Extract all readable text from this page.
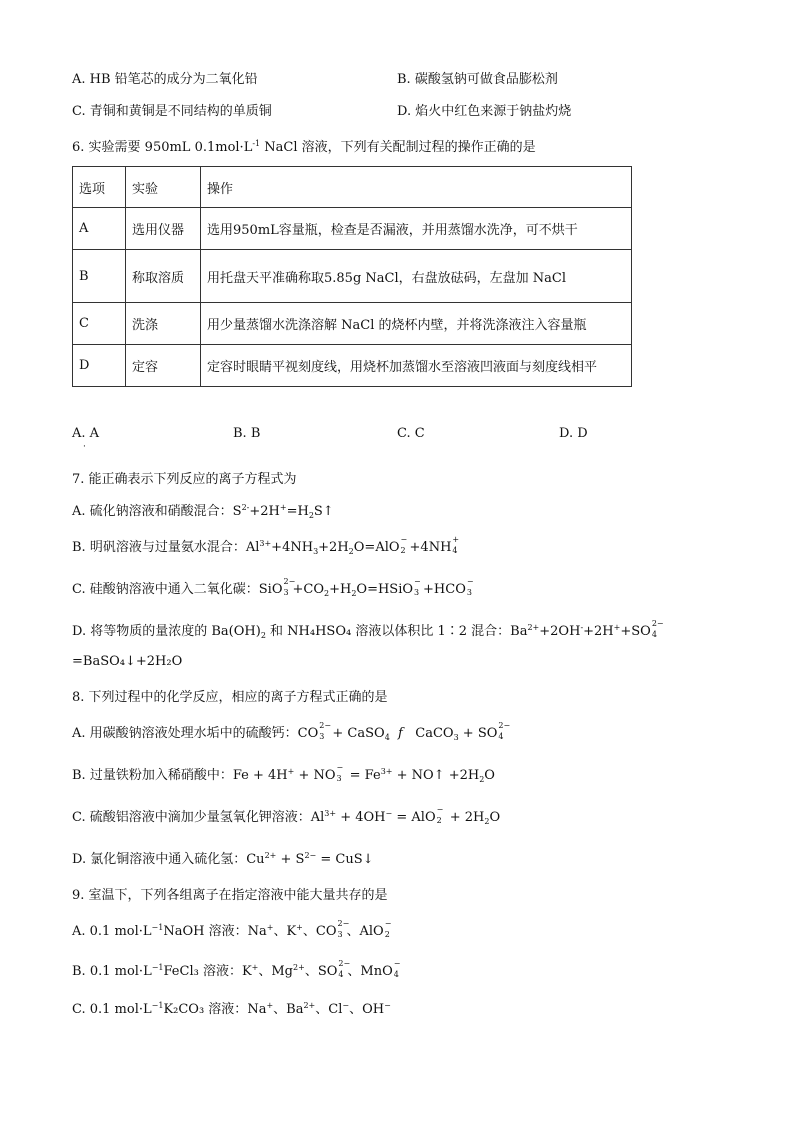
A. HB 铅笔芯的成分为二氧化铅	B. 碳酸氢钠可做食品膨松剂
C. 青铜和黄铜是不同结构的单质铜	D. 焰火中红色来源于钠盐灼烧
6. 实验需要 950mL $0.1mol\cdot L^{-1}$ NaCl 溶液，下列有关配制过程的操作正确的是
选项	实验	操作
A	选用仪器	选用950mL容量瓶，检查是否漏液，并用蒸馏水洗净，可不烘干
B	称取溶质	用托盘天平准确称取5.85g NaCl，右盘放砝码，左盘加 NaCl
C	洗涤	用少量蒸馏水洗涤溶解 NaCl 的烧杯内壁，并将洗涤液注入容量瓶
D	定容	定容时眼睛平视刻度线，用烧杯加蒸馏水至溶液凹液面与刻度线相平
A. A
·
B. B	C. C	D. D
7. 能正确表示下列反应的离子方程式为
A. 硫化钠溶液和硝酸混合：$S^{2-}+2H^+=H_2S↑$
B. 明矾溶液与过量氨水混合：$Al^{3+}+4NH_3+2H_2O=AlO$
−
2 +4NH
+
4
C. 硅酸钠溶液中通入二氧化碳：SiO
2−
$3 +CO_2+H_2O=HSiO$
−
3 +HCO
−
3
D. 将等物质的量浓度的 $Ba(OH)_2$ 和 NH₄HSO₄ 溶液以体积比 1∶2 混合：$Ba^{2+}+2OH^-+2H^++SO$
2−
4
=BaSO₄↓+2H₂O
8. 下列过程中的化学反应，相应的离子方程式正确的是
A. 用碳酸钠溶液处理水垢中的硫酸钙：CO
2−
3 + CaSO$_4$ f   CaCO$_3$ + SO
2−
4
B. 过量铁粉加入稀硝酸中：Fe + 4H+ + NO
−
$3 = Fe^{3+}$ + NO↑ $+2H_2O$
C. 硫酸铝溶液中滴加少量氢氧化钾溶液：$Al^{3+} + 4OH^-$ = AlO
−
$2 + 2H_2O$
D. 氯化铜溶液中通入硫化氢：$Cu^{2+} + S^{2-}$ = CuS↓
9. 室温下，下列各组离子在指定溶液中能大量共存的是
A. 0.1 $mol\cdot L^{-1}NaOH$ 溶液：Na+、K+、CO
2−
3 、AlO
−
2
B. 0.1 $mol\cdot L^{-1}FeCl_3$ 溶液：K+、$Mg^{2+}$、SO
2−
4 、MnO
−
4
C. 0.1 $mol\cdot L^{-1}K_2CO_3$ 溶液：Na+、$Ba^{2+}$、Cl−、OH−
